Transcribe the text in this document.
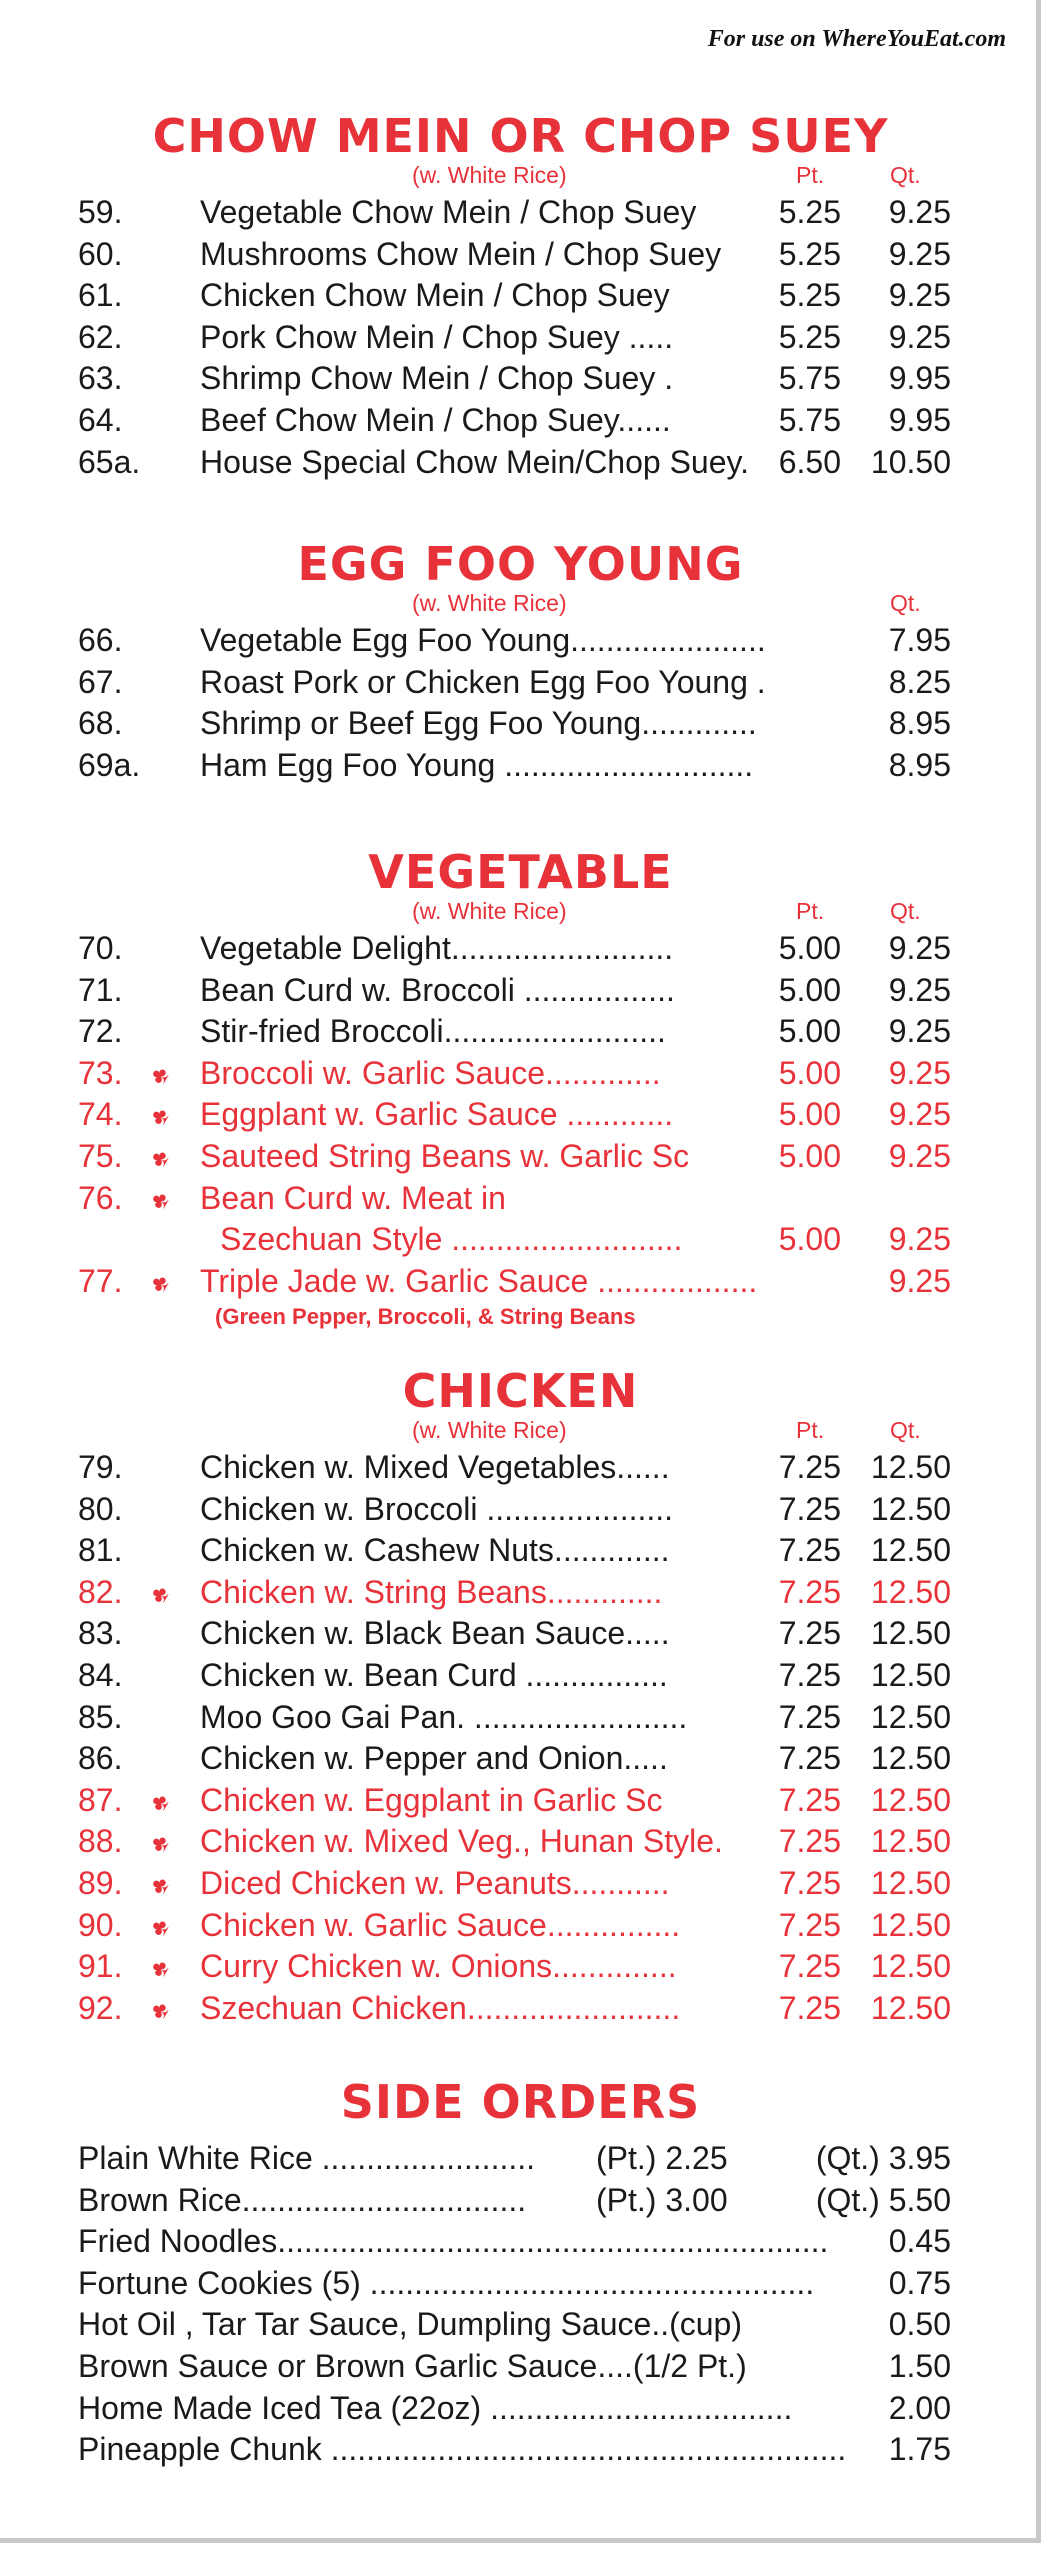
For use on WhereYouEat.com
CHOW MEIN OR CHOP SUEY
(w. White Rice)	Pt.	Qt.
59. Vegetable Chow Mein / Chop Suey	5.25 9.25
60. Mushrooms Chow Mein / Chop Suey 5.25 9.25
61. Chicken Chow Mein / Chop Suey	5.25 9.25
62. Pork Chow Mein / Chop Suey .....	5.25 9.25
63. Shrimp Chow Mein / Chop Suey .	5.75 9.95
64. Beef Chow Mein / Chop Suey......	5.75 9.95
65a. House Special Chow Mein/Chop Suey. 6.50 10.50
EGG FOO YOUNG
(w. White Rice)	Qt.
66. Vegetable Egg Foo Young......................	7.95
67. Roast Pork or Chicken Egg Foo Young .	8.25
68. Shrimp or Beef Egg Foo Young.............	8.95
69a. Ham Egg Foo Young ............................	8.95
VEGETABLE
(w. White Rice)	Pt.	Qt.
70. Vegetable Delight.........................	5.00 9.25
71. Bean Curd w. Broccoli .................	5.00 9.25
72. Stir-fried Broccoli.........................	5.00 9.25
73. ♣ Broccoli w. Garlic Sauce.............	5.00 9.25
74. ♣ Eggplant w. Garlic Sauce ............	5.00 9.25
75. ♣ Sauteed String Beans w. Garlic Sc	5.00 9.25
76. ♣ Bean Curd w. Meat in
Szechuan Style ..........................	5.00 9.25
77. ♣ Triple Jade w. Garlic Sauce ..................	9.25
(Green Pepper, Broccoli, & String Beans
CHICKEN
(w. White Rice)	Pt.	Qt.
79. Chicken w. Mixed Vegetables......	7.25 12.50
80. Chicken w. Broccoli .....................	7.25 12.50
81. Chicken w. Cashew Nuts.............	7.25 12.50
82. ♣ Chicken w. String Beans.............	7.25 12.50
83. Chicken w. Black Bean Sauce.....	7.25 12.50
84. Chicken w. Bean Curd ................	7.25 12.50
85. Moo Goo Gai Pan. ........................	7.25 12.50
86. Chicken w. Pepper and Onion.....	7.25 12.50
87. ♣ Chicken w. Eggplant in Garlic Sc	7.25 12.50
88. ♣ Chicken w. Mixed Veg., Hunan Style. 7.25 12.50
89. ♣ Diced Chicken w. Peanuts...........	7.25 12.50
90. ♣ Chicken w. Garlic Sauce...............	7.25 12.50
91. ♣ Curry Chicken w. Onions..............	7.25 12.50
92. ♣ Szechuan Chicken........................	7.25 12.50
SIDE ORDERS
Plain White Rice ........................ (Pt.) 2.25	(Qt.) 3.95
Brown Rice................................ (Pt.) 3.00	(Qt.) 5.50
Fried Noodles.............................................................. 0.45
Fortune Cookies (5) .................................................. 0.75
Hot Oil , Tar Tar Sauce, Dumpling Sauce..(cup)	0.50
Brown Sauce or Brown Garlic Sauce....(1/2 Pt.)	1.50
Home Made Iced Tea (22oz) ..................................	2.00
Pineapple Chunk .......................................................... 1.75
